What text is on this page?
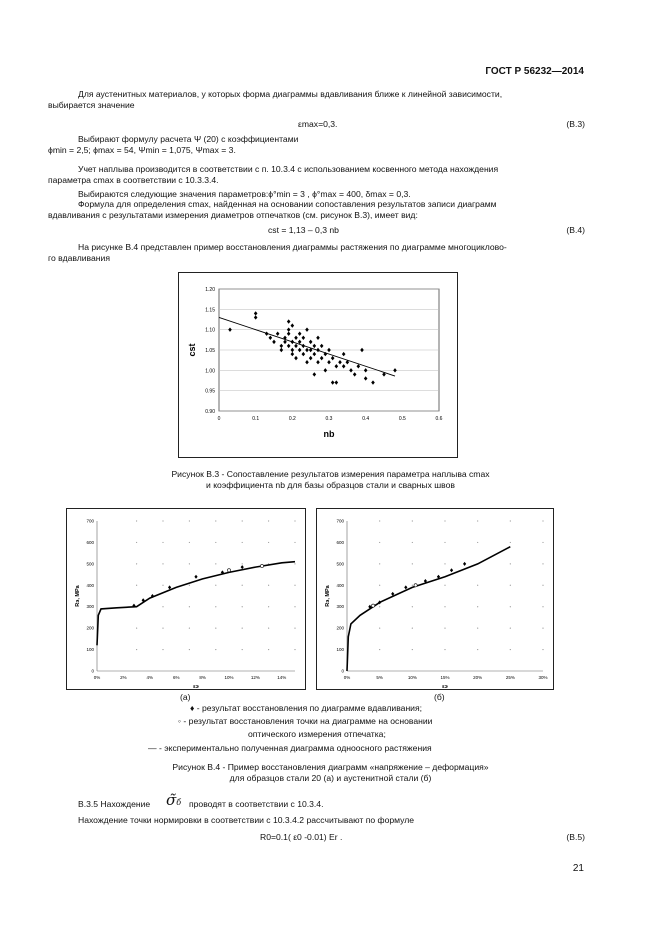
ГОСТ Р 56232—2014
Для аустенитных материалов, у которых форма диаграммы вдавливания ближе к линейной зависимости,
выбирается значение
εmax=0,3.	(В.3)
Выбирают формулу расчета Ψ (20) с коэффициентами
ϕmin = 2,5; ϕmax = 54, Ψmin = 1,075, Ψmax = 3.
Учет наплыва производится в соответствии с п. 10.3.4 с использованием косвенного метода нахождения
параметра cmax в соответствии с 10.3.3.4.
Выбираются следующие значения параметров:ϕ°min = 3 , ϕ°max = 400, δmax = 0,3.
Формула для определения cmax, найденная на основании сопоставления результатов записи диаграмм
вдавливания с результатами измерения диаметров отпечатков (см. рисунок В.3), имеет вид:
cst = 1,13 – 0,3 nb	(В.4)
На рисунке В.4 представлен пример восстановления диаграммы растяжения по диаграмме многоциклово-
го вдавливания
0.90
0.95
1.00
1.05
1.10
1.15
1.20
0	0.1	0.2	0.3	0.4	0.5	0.6
nb
cst
Рисунок В.3 - Сопоставление результатов измерения параметра наплыва cmax
и коэффициента nb для базы образцов стали и сварных швов
0
100
200
300
400
500
600
700
0%	2%	4%	6%	8%	10%	12%	14%
εэ
Rэ, MPa
0
100
200
300
400
500
600
700
0%	5%	10%	15%	20%	25%	30%
εэ
Rэ, MPa
(а)	(б)
♦ - результат восстановления по диаграмме вдавливания;
◦ - результат восстановления точки на диаграмме на основании
оптического измерения отпечатка;
— - экспериментально полученная диаграмма одноосного растяжения
Рисунок В.4 - Пример восстановления диаграмм «напряжение – деформация»
для образцов стали 20 (а) и аустенитной стали (б)
В.3.5 Нахождение σ̃б проводят в соответствии с 10.3.4.
Нахождение точки нормировки в соответствии с 10.3.4.2 рассчитывают по формуле
R0=0.1( ε0 -0.01) Er .	(В.5)
21
